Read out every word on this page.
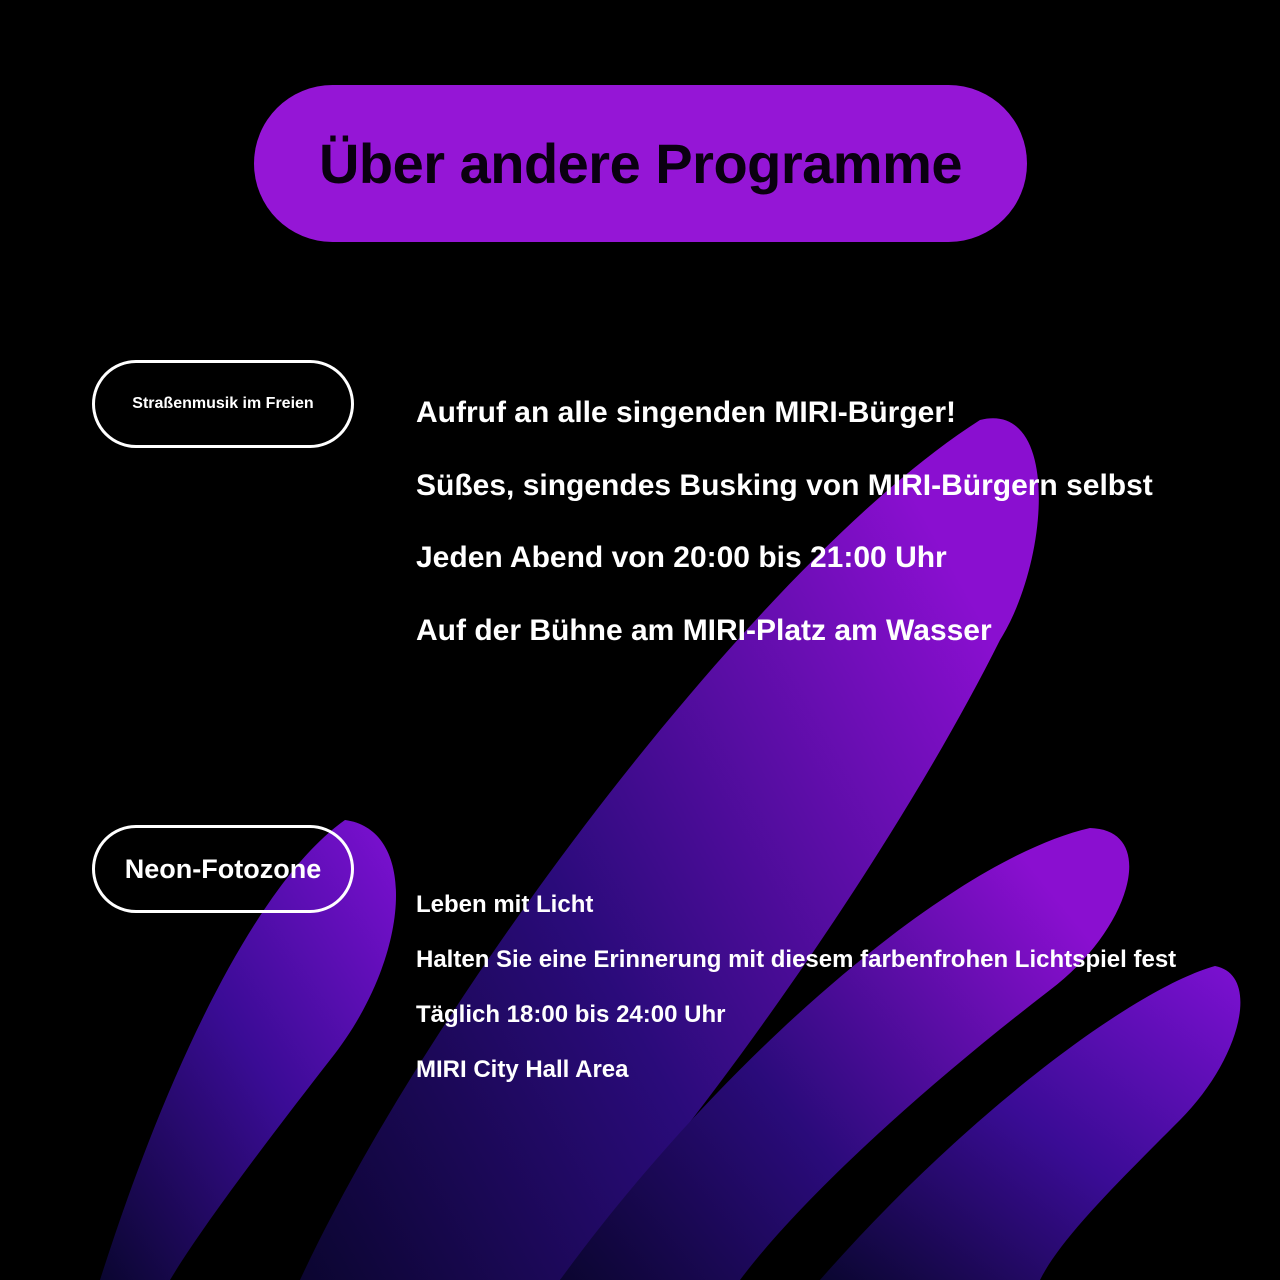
Über andere Programme
Straßenmusik im Freien	Aufruf an alle singenden MIRI-Bürger!
Süßes, singendes Busking von MIRI-Bürgern selbst
Jeden Abend von 20:00 bis 21:00 Uhr
Auf der Bühne am MIRI-Platz am Wasser
Neon-Fotozone
Leben mit Licht
Halten Sie eine Erinnerung mit diesem farbenfrohen Lichtspiel fest
Täglich 18:00 bis 24:00 Uhr
MIRI City Hall Area
